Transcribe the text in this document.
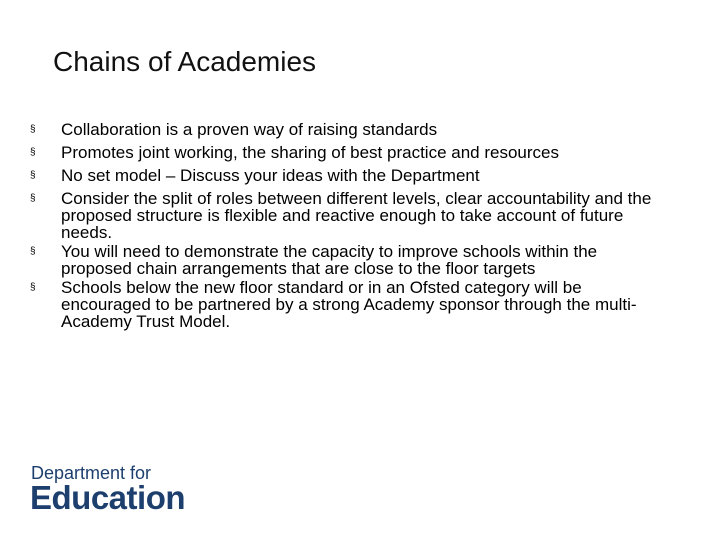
Chains of Academies
§	Collaboration is a proven way of raising standards
§	Promotes joint working, the sharing of best practice and resources
§	No set model – Discuss your ideas with the Department
§	Consider the split of roles between different levels, clear accountability and the proposed structure is flexible and reactive enough to take account of future needs.
§	You will need to demonstrate the capacity to improve schools within the proposed chain arrangements that are close to the floor targets
§	Schools below the new floor standard or in an Ofsted category will be encouraged to be partnered by a strong Academy sponsor through the multi-Academy Trust Model.
Department for
Education
